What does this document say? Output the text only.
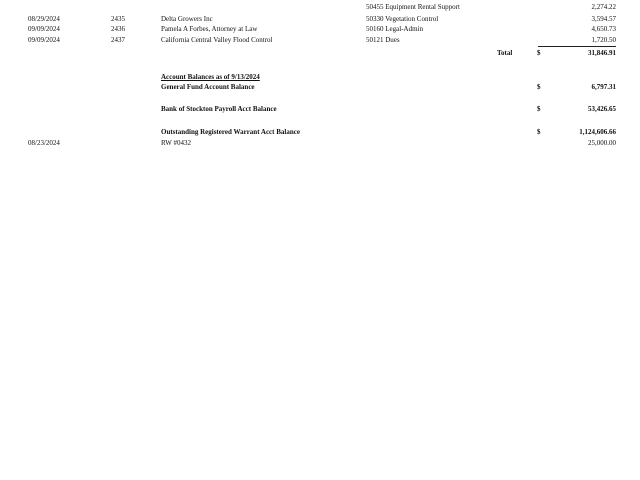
50455 Equipment Rental Support	2,274.22
08/29/2024	2435	Delta Growers Inc	50330 Vegetation Control	3,594.57
09/09/2024	2436	Pamela A Forbes, Attorney at Law	50160 Legal-Admin	4,650.73
09/09/2024	2437	California Central Valley Flood Control	50121 Dues	1,720.50
Total	$	31,846.91
Account Balances as of 9/13/2024
General Fund Account Balance	$	6,797.31
Bank of Stockton Payroll Acct Balance	$	53,426.65
Outstanding Registered Warrant Acct Balance	$	1,124,606.66
08/23/2024	RW #0432	25,000.00
